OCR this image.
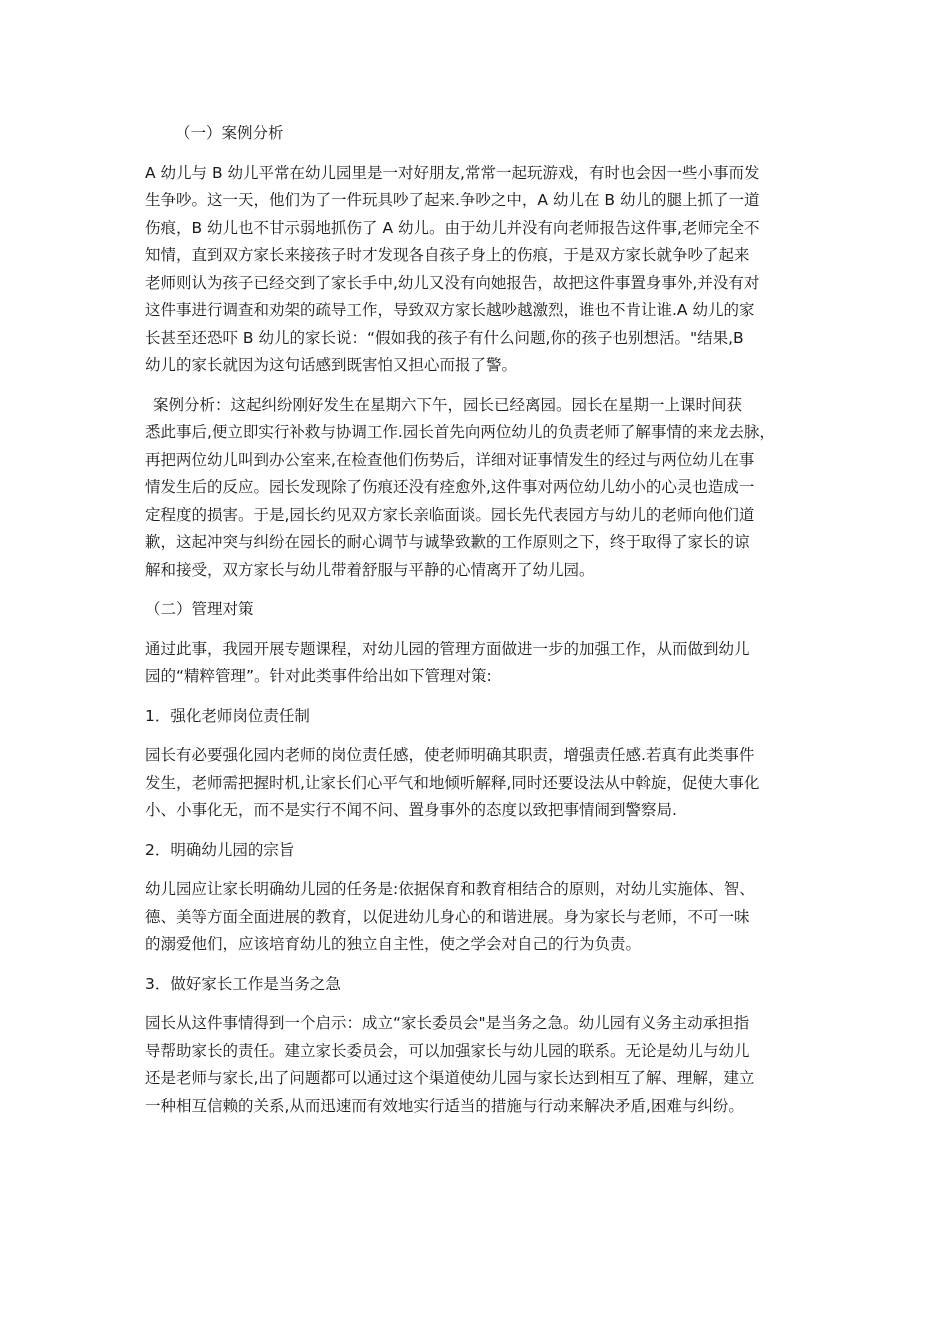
（一）案例分析
A 幼儿与 B 幼儿平常在幼儿园里是一对好朋友,常常一起玩游戏，有时也会因一些小事而发
生争吵。这一天，他们为了一件玩具吵了起来.争吵之中，A 幼儿在 B 幼儿的腿上抓了一道
伤痕，B 幼儿也不甘示弱地抓伤了 A 幼儿。由于幼儿并没有向老师报告这件事,老师完全不
知情，直到双方家长来接孩子时才发现各自孩子身上的伤痕，于是双方家长就争吵了起来
老师则认为孩子已经交到了家长手中,幼儿又没有向她报告，故把这件事置身事外,并没有对
这件事进行调查和劝架的疏导工作，导致双方家长越吵越激烈，谁也不肯让谁.A 幼儿的家
长甚至还恐吓 B 幼儿的家长说：“假如我的孩子有什么问题,你的孩子也别想活。"结果,B
幼儿的家长就因为这句话感到既害怕又担心而报了警。
案例分析：这起纠纷刚好发生在星期六下午，园长已经离园。园长在星期一上课时间获
悉此事后,便立即实行补救与协调工作.园长首先向两位幼儿的负责老师了解事情的来龙去脉，
再把两位幼儿叫到办公室来,在检查他们伤势后，详细对证事情发生的经过与两位幼儿在事
情发生后的反应。园长发现除了伤痕还没有痊愈外,这件事对两位幼儿幼小的心灵也造成一
定程度的损害。于是,园长约见双方家长亲临面谈。园长先代表园方与幼儿的老师向他们道
歉，这起冲突与纠纷在园长的耐心调节与诚挚致歉的工作原则之下，终于取得了家长的谅
解和接受，双方家长与幼儿带着舒服与平静的心情离开了幼儿园。
（二）管理对策
通过此事，我园开展专题课程，对幼儿园的管理方面做进一步的加强工作，从而做到幼儿
园的“精粹管理”。针对此类事件给出如下管理对策:
1．强化老师岗位责任制
园长有必要强化园内老师的岗位责任感，使老师明确其职责，增强责任感.若真有此类事件
发生，老师需把握时机,让家长们心平气和地倾听解释,同时还要设法从中斡旋，促使大事化
小、小事化无，而不是实行不闻不问、置身事外的态度以致把事情闹到警察局.
2．明确幼儿园的宗旨
幼儿园应让家长明确幼儿园的任务是:依据保育和教育相结合的原则，对幼儿实施体、智、
德、美等方面全面进展的教育，以促进幼儿身心的和谐进展。身为家长与老师，不可一味
的溺爱他们，应该培育幼儿的独立自主性，使之学会对自己的行为负责。
3．做好家长工作是当务之急
园长从这件事情得到一个启示：成立“家长委员会"是当务之急。幼儿园有义务主动承担指
导帮助家长的责任。建立家长委员会，可以加强家长与幼儿园的联系。无论是幼儿与幼儿
还是老师与家长,出了问题都可以通过这个渠道使幼儿园与家长达到相互了解、理解，建立
一种相互信赖的关系,从而迅速而有效地实行适当的措施与行动来解决矛盾,困难与纠纷。
